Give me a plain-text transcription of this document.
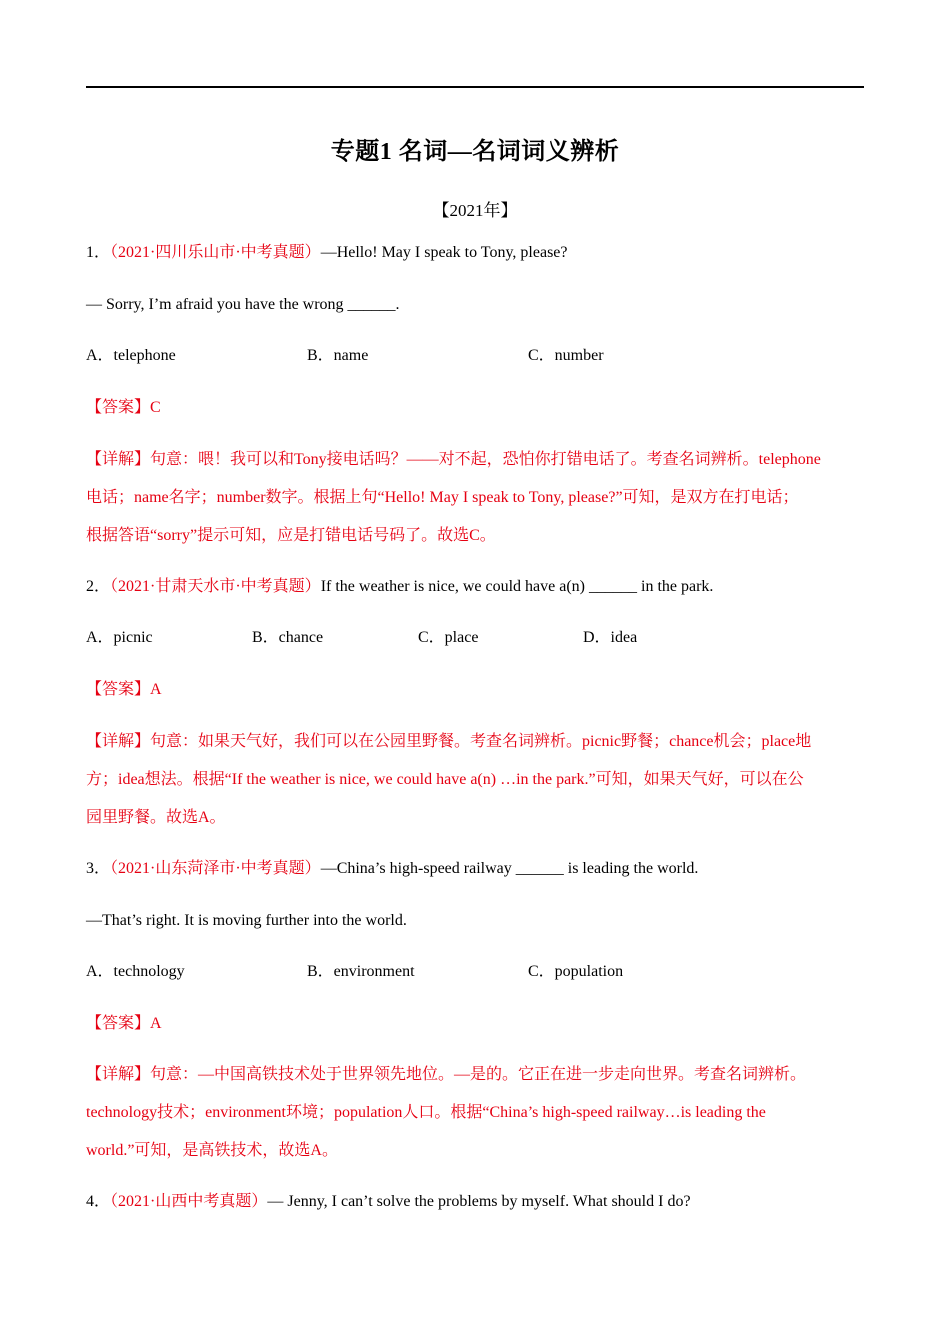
专题1 名词—名词词义辨析
【2021年】
1．（2021·四川乐山市·中考真题）—Hello! May I speak to Tony, please?
— Sorry, I’m afraid you have the wrong ______.
A．telephone	B．name	C．number
【答案】C
【详解】句意：喂！我可以和Tony接电话吗？——对不起，恐怕你打错电话了。考查名词辨析。telephone
电话；name名字；number数字。根据上句“Hello! May I speak to Tony, please?”可知，是双方在打电话；
根据答语“sorry”提示可知，应是打错电话号码了。故选C。
2．（2021·甘肃天水市·中考真题）If the weather is nice, we could have a(n) ______ in the park.
A．picnic	B．chance	C．place	D．idea
【答案】A
【详解】句意：如果天气好，我们可以在公园里野餐。考查名词辨析。picnic野餐；chance机会；place地
方；idea想法。根据“If the weather is nice, we could have a(n) …in the park.”可知，如果天气好，可以在公
园里野餐。故选A。
3．（2021·山东菏泽市·中考真题）—China’s high-speed railway ______ is leading the world.
—That’s right. It is moving further into the world.
A．technology	B．environment	C．population
【答案】A
【详解】句意：—中国高铁技术处于世界领先地位。—是的。它正在进一步走向世界。考查名词辨析。
technology技术；environment环境；population人口。根据“China’s high-speed railway…is leading the
world.”可知，是高铁技术，故选A。
4．（2021·山西中考真题）— Jenny, I can’t solve the problems by myself. What should I do?
